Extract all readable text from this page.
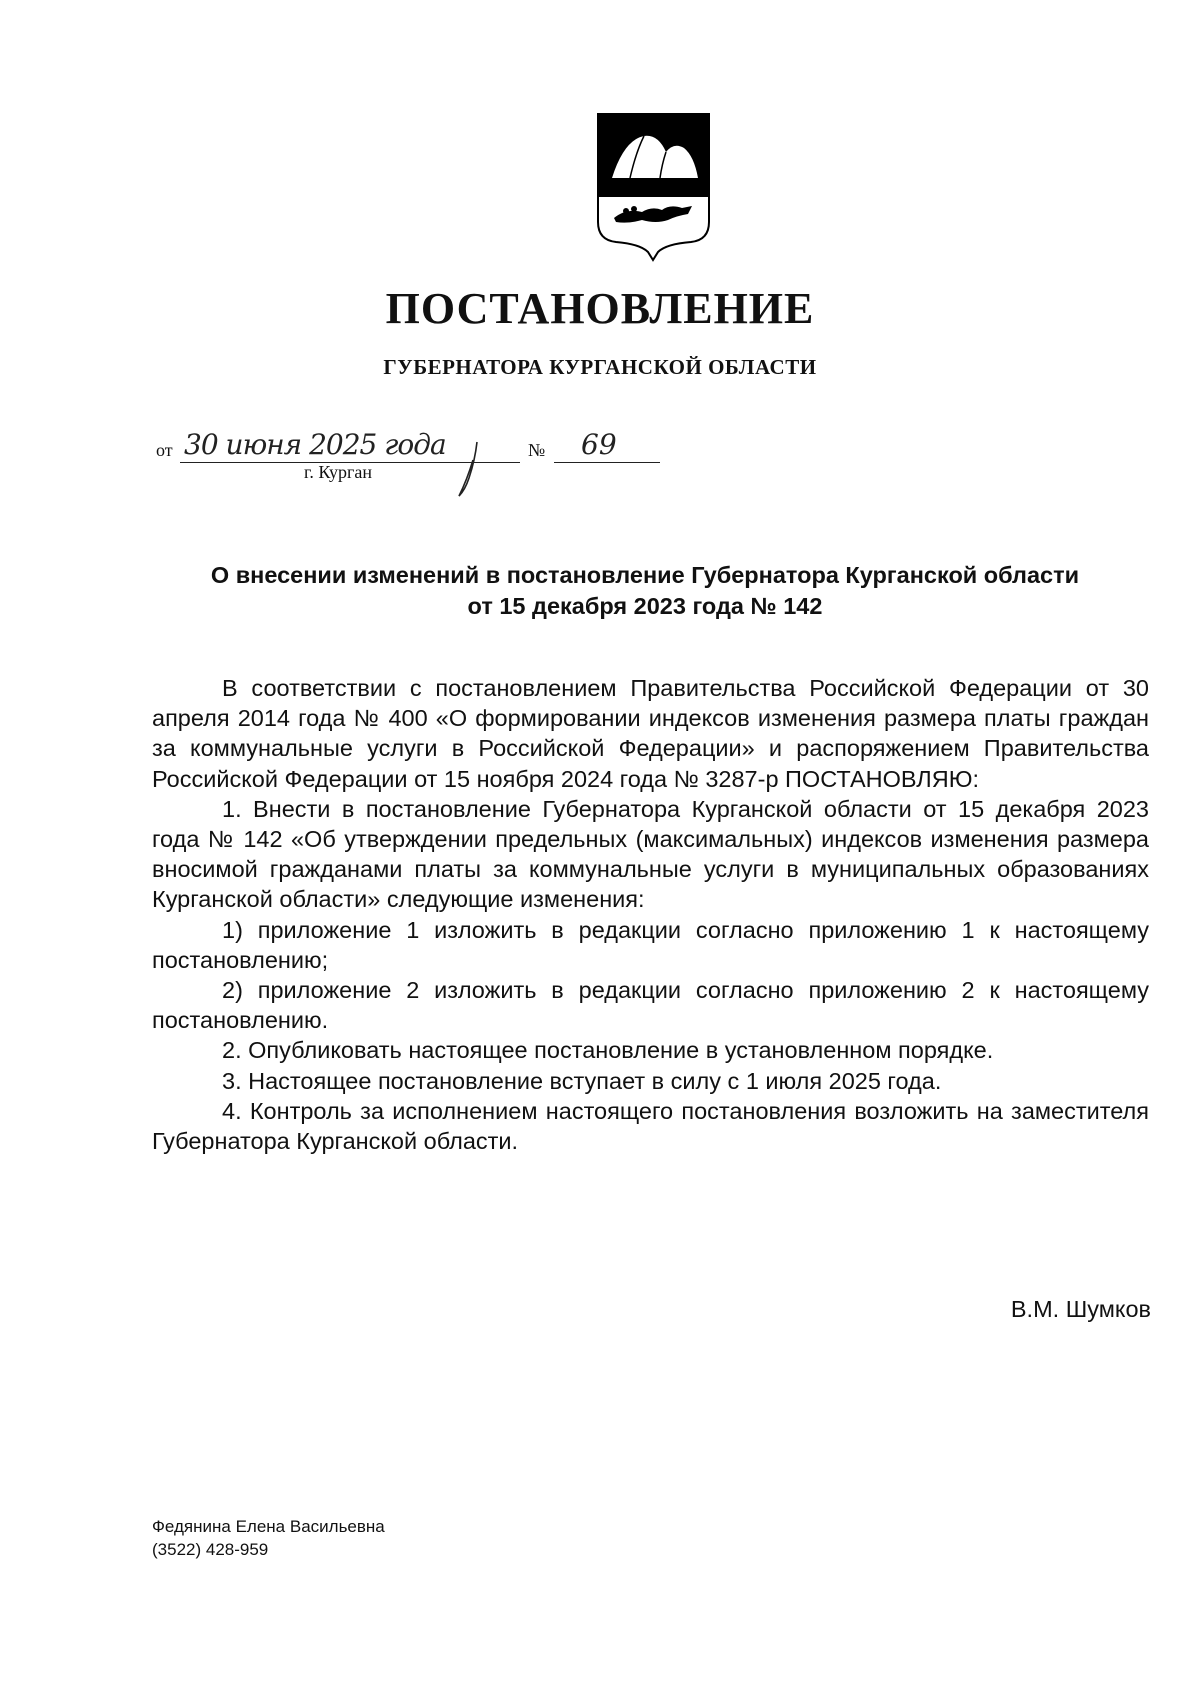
ПОСТАНОВЛЕНИЕ
ГУБЕРНАТОРА КУРГАНСКОЙ ОБЛАСТИ
от 30 июня 2025 года	№ 69
г. Курган
О внесении изменений в постановление Губернатора Курганской области
от 15 декабря 2023 года № 142

В соответствии с постановлением Правительства Российской Федерации от 30 апреля 2014 года № 400 «О формировании индексов изменения размера платы граждан за коммунальные услуги в Российской Федерации» и распоряжением Правительства Российской Федерации от 15 ноября 2024 года № 3287-р ПОСТАНОВЛЯЮ:

1. Внести в постановление Губернатора Курганской области от 15 декабря 2023 года № 142 «Об утверждении предельных (максимальных) индексов изменения размера вносимой гражданами платы за коммунальные услуги в муниципальных образованиях Курганской области» следующие изменения:

1) приложение 1 изложить в редакции согласно приложению 1 к настоящему постановлению;

2) приложение 2 изложить в редакции согласно приложению 2 к настоящему постановлению.

2. Опубликовать настоящее постановление в установленном порядке.

3. Настоящее постановление вступает в силу с 1 июля 2025 года.

4. Контроль за исполнением настоящего постановления возложить на заместителя Губернатора Курганской области.

В.М. Шумков
Федянина Елена Васильевна
(3522) 428-959
